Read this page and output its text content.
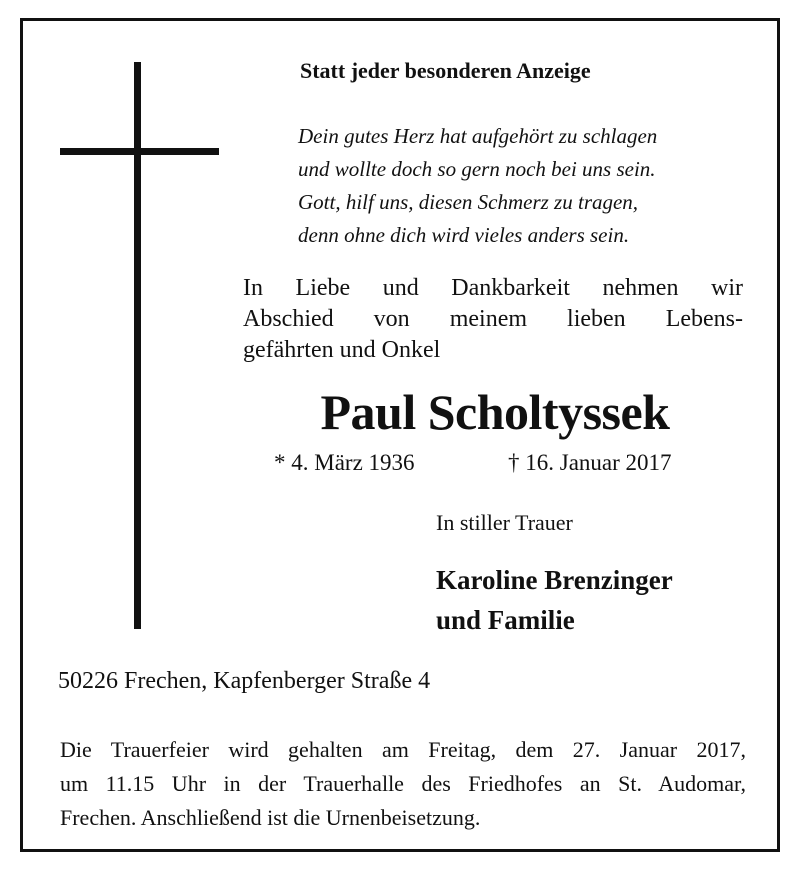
Statt jeder besonderen Anzeige
Dein gutes Herz hat aufgehört zu schlagen
und wollte doch so gern noch bei uns sein.
Gott, hilf uns, diesen Schmerz zu tragen,
denn ohne dich wird vieles anders sein.
In Liebe und Dankbarkeit nehmen wir
Abschied von meinem lieben Lebens-
gefährten und Onkel
Paul Scholtyssek
* 4. März 1936	† 16. Januar 2017
In stiller Trauer
Karoline Brenzinger
und Familie
50226 Frechen, Kapfenberger Straße 4
Die Trauerfeier wird gehalten am Freitag, dem 27. Januar 2017,
um 11.15 Uhr in der Trauerhalle des Friedhofes an St. Audomar,
Frechen. Anschließend ist die Urnenbeisetzung.
